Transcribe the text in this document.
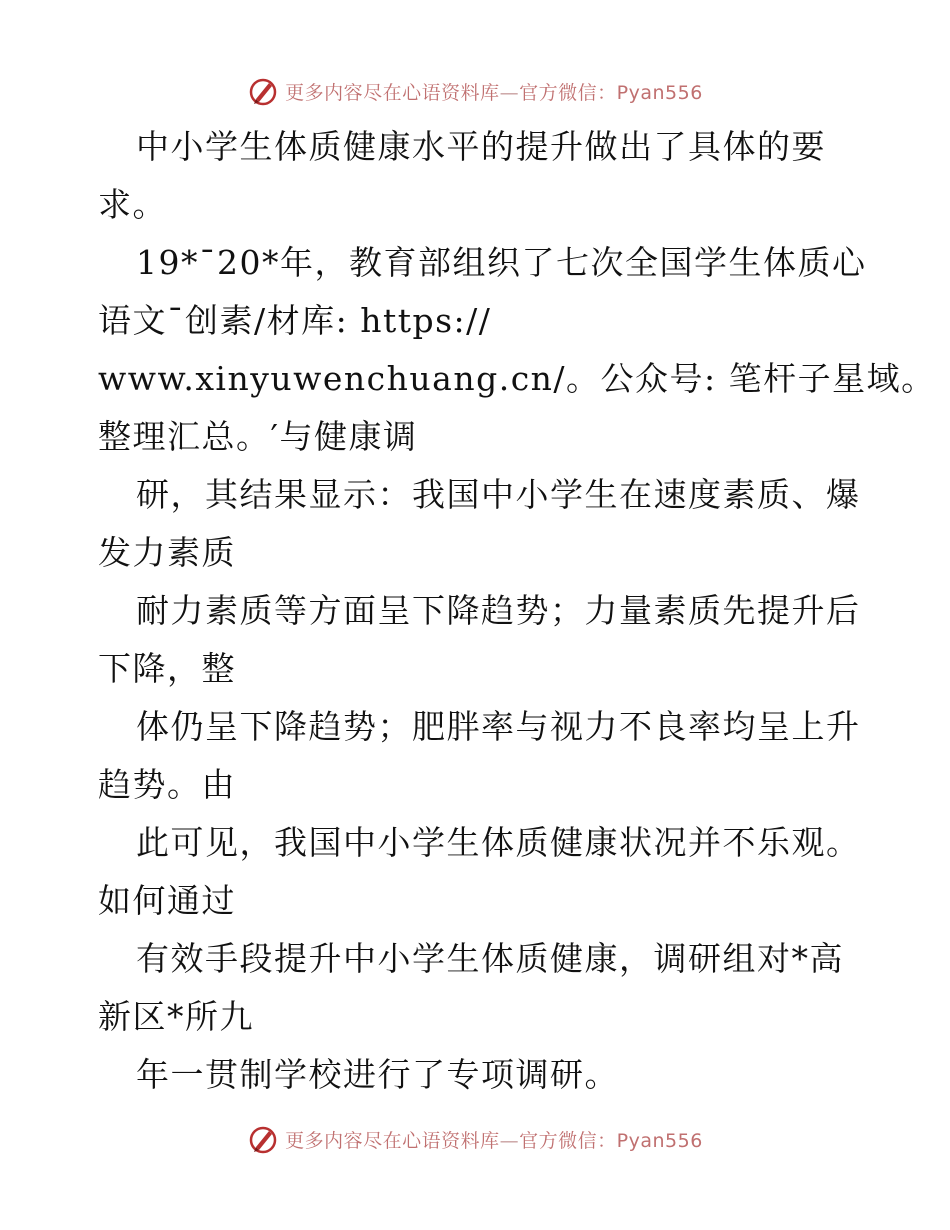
更多内容尽在心语资料库—官方微信：Pyan556
中小学生体质健康水平的提升做出了具体的要
求。
19*¯20*年，教育部组织了七次全国学生体质心
语文¯创素/材库: https://
www.xinyuwenchuang.cn/。公众号: 笔杆子星域。
整理汇总。′与健康调
研，其结果显示：我国中小学生在速度素质、爆
发力素质
耐力素质等方面呈下降趋势；力量素质先提升后
下降，整
体仍呈下降趋势；肥胖率与视力不良率均呈上升
趋势。由
此可见，我国中小学生体质健康状况并不乐观。
如何通过
有效手段提升中小学生体质健康，调研组对*高
新区*所九
年一贯制学校进行了专项调研。
更多内容尽在心语资料库—官方微信：Pyan556
